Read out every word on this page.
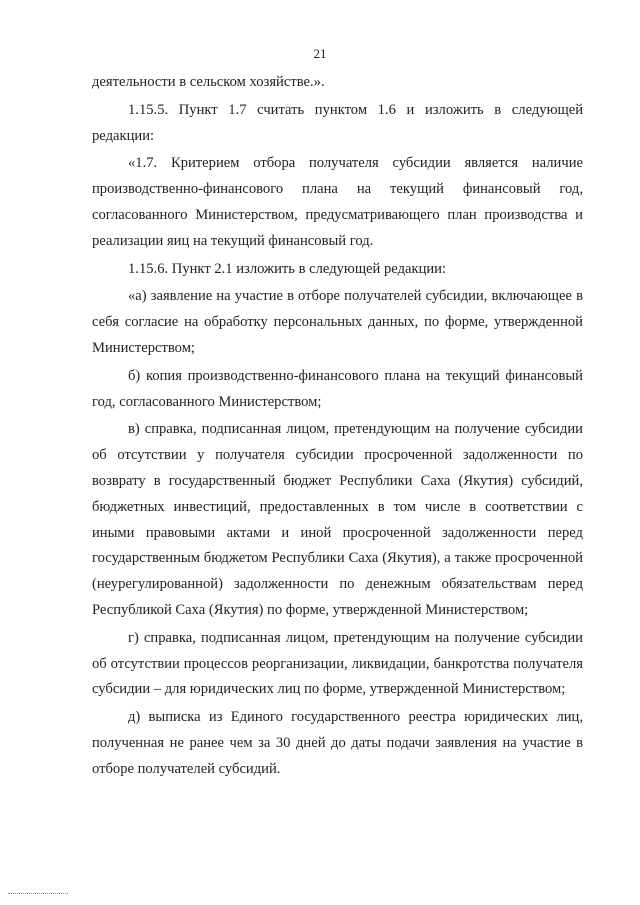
21

деятельности в сельском хозяйстве.».

1.15.5. Пункт 1.7 считать пунктом 1.6 и изложить в следующей редакции:

«1.7. Критерием отбора получателя субсидии является наличие производственно-финансового плана на текущий финансовый год, согласованного Министерством, предусматривающего план производства и реализации яиц на текущий финансовый год.

1.15.6. Пункт 2.1 изложить в следующей редакции:

«а) заявление на участие в отборе получателей субсидии, включающее в себя согласие на обработку персональных данных, по форме, утвержденной Министерством;

б) копия производственно-финансового плана на текущий финансовый год, согласованного Министерством;

в) справка, подписанная лицом, претендующим на получение субсидии об отсутствии у получателя субсидии просроченной задолженности по возврату в государственный бюджет Республики Саха (Якутия) субсидий, бюджетных инвестиций, предоставленных в том числе в соответствии с иными правовыми актами и иной просроченной задолженности перед государственным бюджетом Республики Саха (Якутия), а также просроченной (неурегулированной) задолженности по денежным обязательствам перед Республикой Саха (Якутия) по форме, утвержденной Министерством;

г) справка, подписанная лицом, претендующим на получение субсидии об отсутствии процессов реорганизации, ликвидации, банкротства получателя субсидии – для юридических лиц по форме, утвержденной Министерством;

д) выписка из Единого государственного реестра юридических лиц, полученная не ранее чем за 30 дней до даты подачи заявления на участие в отборе получателей субсидий.
